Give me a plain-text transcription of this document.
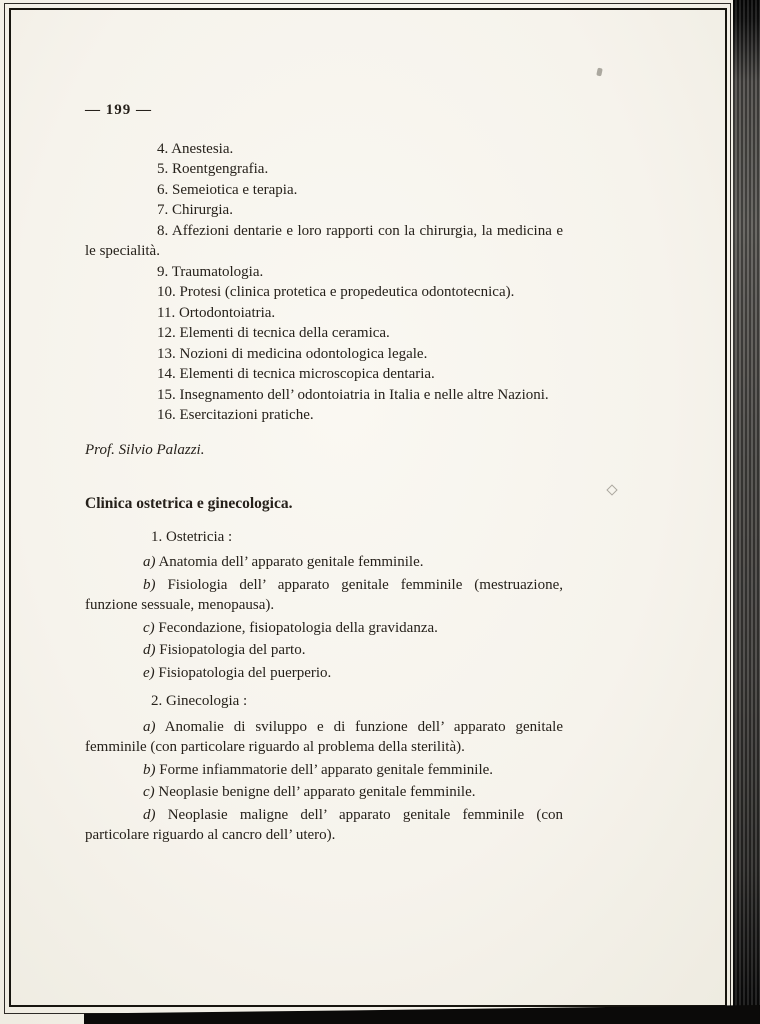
— 199 —

4. Anestesia.

5. Roentgengrafia.

6. Semeiotica e terapia.

7. Chirurgia.

8. Affezioni dentarie e loro rapporti con la chirurgia, la medicina e le specialità.

9. Traumatologia.

10. Protesi (clinica protetica e propedeutica odontotecnica).

11. Ortodontoiatria.

12. Elementi di tecnica della ceramica.

13. Nozioni di medicina odontologica legale.

14. Elementi di tecnica microscopica dentaria.

15. Insegnamento dell’ odontoiatria in Italia e nelle altre Nazioni.

16. Esercitazioni pratiche.

Prof. Silvio Palazzi.

Clinica ostetrica e ginecologica.

1. Ostetricia :

a) Anatomia dell’ apparato genitale femminile.

b) Fisiologia dell’ apparato genitale femminile (mestruazione, funzione sessuale, menopausa).

c) Fecondazione, fisiopatologia della gravidanza.

d) Fisiopatologia del parto.

e) Fisiopatologia del puerperio.

2. Ginecologia :

a) Anomalie di sviluppo e di funzione dell’ apparato genitale femminile (con particolare riguardo al problema della sterilità).

b) Forme infiammatorie dell’ apparato genitale femminile.

c) Neoplasie benigne dell’ apparato genitale femminile.

d) Neoplasie maligne dell’ apparato genitale femminile (con particolare riguardo al cancro dell’ utero).
